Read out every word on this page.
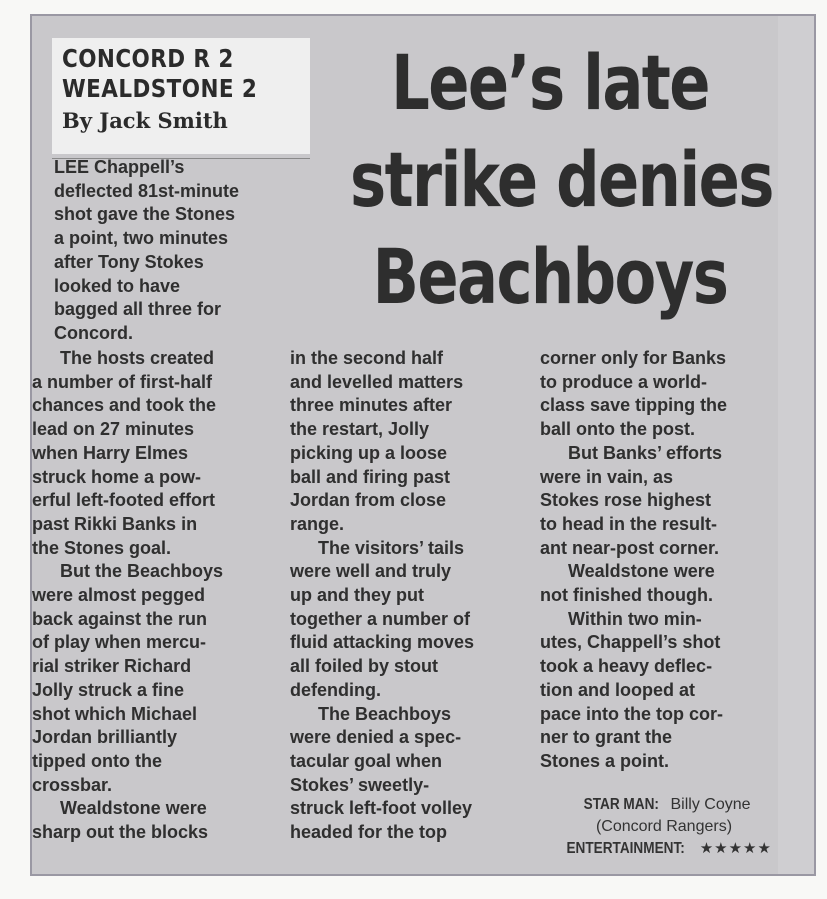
CONCORD R 2
WEALDSTONE 2
By Jack Smith	Lee’s late
strike denies
Beachboys
LEE Chappell’s
deflected 81st-minute
shot gave the Stones
a point, two minutes
after Tony Stokes
looked to have
bagged all three for
Concord.
The hosts created
a number of first-half
chances and took the
lead on 27 minutes
when Harry Elmes
struck home a pow-
erful left-footed effort
past Rikki Banks in
the Stones goal.
But the Beachboys
were almost pegged
back against the run
of play when mercu-
rial striker Richard
Jolly struck a fine
shot which Michael
Jordan brilliantly
tipped onto the
crossbar.
Wealdstone were
sharp out the blocks
in the second half
and levelled matters
three minutes after
the restart, Jolly
picking up a loose
ball and firing past
Jordan from close
range.
The visitors’ tails
were well and truly
up and they put
together a number of
fluid attacking moves
all foiled by stout
defending.
The Beachboys
were denied a spec-
tacular goal when
Stokes’ sweetly-
struck left-foot volley
headed for the top
corner only for Banks
to produce a world-
class save tipping the
ball onto the post.
But Banks’ efforts
were in vain, as
Stokes rose highest
to head in the result-
ant near-post corner.
Wealdstone were
not finished though.
Within two min-
utes, Chappell’s shot
took a heavy deflec-
tion and looped at
pace into the top cor-
ner to grant the
Stones a point.
STAR MAN: Billy Coyne
(Concord Rangers)
ENTERTAINMENT: ★★★★★
